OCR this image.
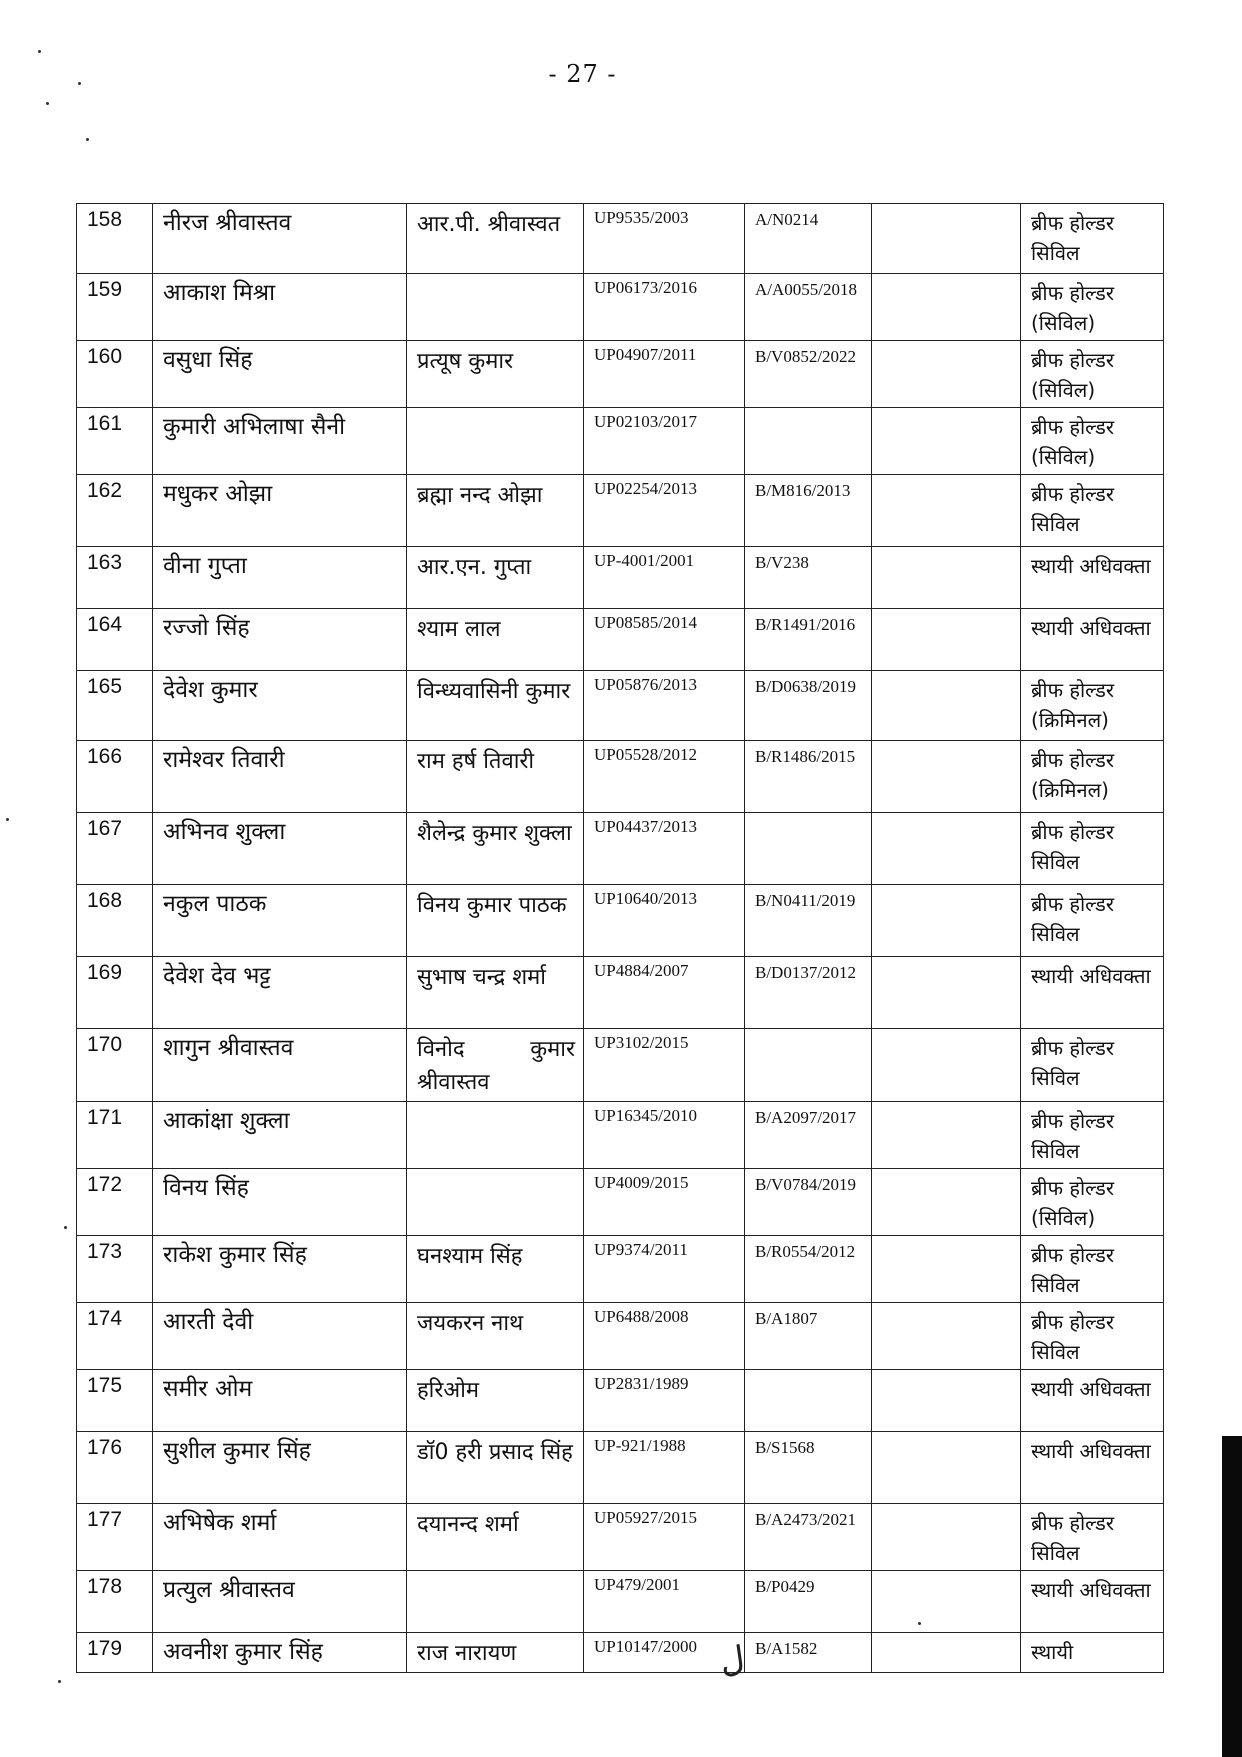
- 27 -
158	नीरज श्रीवास्तव	आर.पी. श्रीवास्वत	UP9535/2003	A/N0214		ब्रीफ होल्डर सिविल
159	आकाश मिश्रा		UP06173/2016	A/A0055/2018		ब्रीफ होल्डर (सिविल)
160	वसुधा सिंह	प्रत्यूष कुमार	UP04907/2011	B/V0852/2022		ब्रीफ होल्डर (सिविल)
161	कुमारी अभिलाषा सैनी		UP02103/2017			ब्रीफ होल्डर (सिविल)
162	मधुकर ओझा	ब्रह्मा नन्द ओझा	UP02254/2013	B/M816/2013		ब्रीफ होल्डर सिविल
163	वीना गुप्ता	आर.एन. गुप्ता	UP-4001/2001	B/V238		स्थायी अधिवक्ता
164	रज्जो सिंह	श्याम लाल	UP08585/2014	B/R1491/2016		स्थायी अधिवक्ता
165	देवेश कुमार	विन्ध्यवासिनी कुमार	UP05876/2013	B/D0638/2019		ब्रीफ होल्डर (क्रिमिनल)
166	रामेश्वर तिवारी	राम हर्ष तिवारी	UP05528/2012	B/R1486/2015		ब्रीफ होल्डर (क्रिमिनल)
167	अभिनव शुक्ला	शैलेन्द्र कुमार शुक्ला	UP04437/2013			ब्रीफ होल्डर सिविल
168	नकुल पाठक	विनय कुमार पाठक	UP10640/2013	B/N0411/2019		ब्रीफ होल्डर सिविल
169	देवेश देव भट्ट	सुभाष चन्द्र शर्मा	UP4884/2007	B/D0137/2012		स्थायी अधिवक्ता
170	शागुन श्रीवास्तव	विनोद कुमार श्रीवास्तव	UP3102/2015			ब्रीफ होल्डर सिविल
171	आकांक्षा शुक्ला		UP16345/2010	B/A2097/2017		ब्रीफ होल्डर सिविल
172	विनय सिंह		UP4009/2015	B/V0784/2019		ब्रीफ होल्डर (सिविल)
173	राकेश कुमार सिंह	घनश्याम सिंह	UP9374/2011	B/R0554/2012		ब्रीफ होल्डर सिविल
174	आरती देवी	जयकरन नाथ	UP6488/2008	B/A1807		ब्रीफ होल्डर सिविल
175	समीर ओम	हरिओम	UP2831/1989			स्थायी अधिवक्ता
176	सुशील कुमार सिंह	डॉ0 हरी प्रसाद सिंह	UP-921/1988	B/S1568		स्थायी अधिवक्ता
177	अभिषेक शर्मा	दयानन्द शर्मा	UP05927/2015	B/A2473/2021		ब्रीफ होल्डर सिविल
178	प्रत्युल श्रीवास्तव		UP479/2001	B/P0429		स्थायी अधिवक्ता
179	अवनीश कुमार सिंह	राज नारायण	UP10147/2000	B/A1582		स्थायी
ل
